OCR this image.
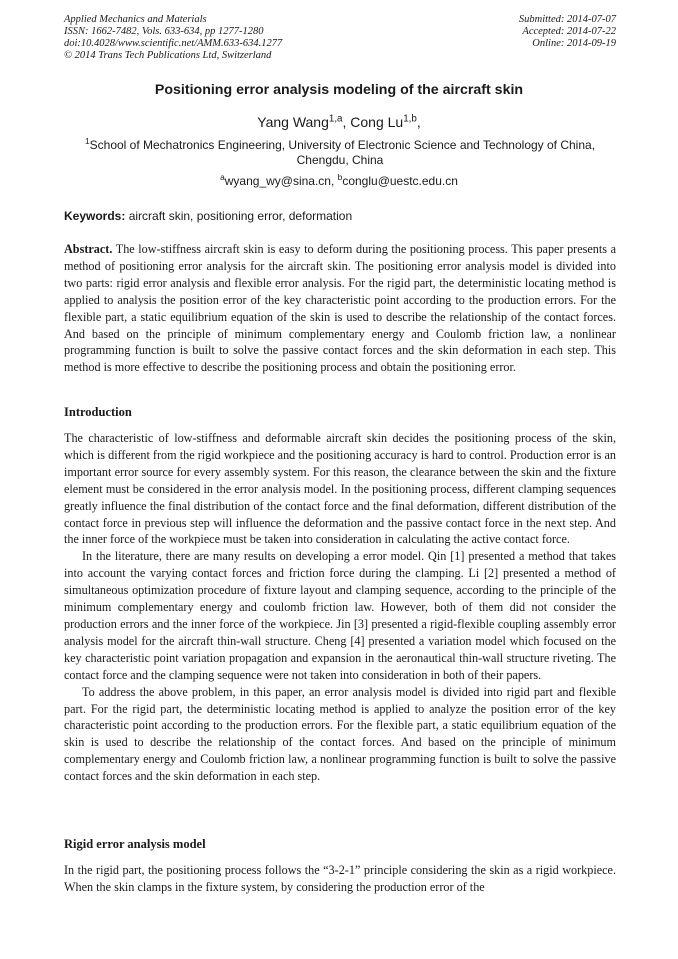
Applied Mechanics and Materials
ISSN: 1662-7482, Vols. 633-634, pp 1277-1280
doi:10.4028/www.scientific.net/AMM.633-634.1277
© 2014 Trans Tech Publications Ltd, Switzerland
Submitted: 2014-07-07
Accepted: 2014-07-22
Online: 2014-09-19
Positioning error analysis modeling of the aircraft skin
Yang Wang$^{1,a}$, Cong Lu$^{1,b}$,
$^1$School of Mechatronics Engineering, University of Electronic Science and Technology of China, Chengdu, China
$^a$wyang_wy@sina.cn, $^b$conglu@uestc.edu.cn
Keywords: aircraft skin, positioning error, deformation
Abstract. The low-stiffness aircraft skin is easy to deform during the positioning process. This paper presents a method of positioning error analysis for the aircraft skin. The positioning error analysis model is divided into two parts: rigid error analysis and flexible error analysis. For the rigid part, the deterministic locating method is applied to analysis the position error of the key characteristic point according to the production errors. For the flexible part, a static equilibrium equation of the skin is used to describe the relationship of the contact forces. And based on the principle of minimum complementary energy and Coulomb friction law, a nonlinear programming function is built to solve the passive contact forces and the skin deformation in each step. This method is more effective to describe the positioning process and obtain the positioning error.
Introduction

The characteristic of low-stiffness and deformable aircraft skin decides the positioning process of the skin, which is different from the rigid workpiece and the positioning accuracy is hard to control. Production error is an important error source for every assembly system. For this reason, the clearance between the skin and the fixture element must be considered in the error analysis model. In the positioning process, different clamping sequences greatly influence the final distribution of the contact force and the final deformation, different distribution of the contact force in previous step will influence the deformation and the passive contact force in the next step. And the inner force of the workpiece must be taken into consideration in calculating the active contact force.

In the literature, there are many results on developing a error model. Qin [1] presented a method that takes into account the varying contact forces and friction force during the clamping. Li [2] presented a method of simultaneous optimization procedure of fixture layout and clamping sequence, according to the principle of the minimum complementary energy and coulomb friction law. However, both of them did not consider the production errors and the inner force of the workpiece. Jin [3] presented a rigid-flexible coupling assembly error analysis model for the aircraft thin-wall structure. Cheng [4] presented a variation model which focused on the key characteristic point variation propagation and expansion in the aeronautical thin-wall structure riveting. The contact force and the clamping sequence were not taken into consideration in both of their papers.

To address the above problem, in this paper, an error analysis model is divided into rigid part and flexible part. For the rigid part, the deterministic locating method is applied to analyze the position error of the key characteristic point according to the production errors. For the flexible part, a static equilibrium equation of the skin is used to describe the relationship of the contact forces. And based on the principle of minimum complementary energy and Coulomb friction law, a nonlinear programming function is built to solve the passive contact forces and the skin deformation in each step.

Rigid error analysis model

In the rigid part, the positioning process follows the “3-2-1” principle considering the skin as a rigid workpiece. When the skin clamps in the fixture system, by considering the production error of the
